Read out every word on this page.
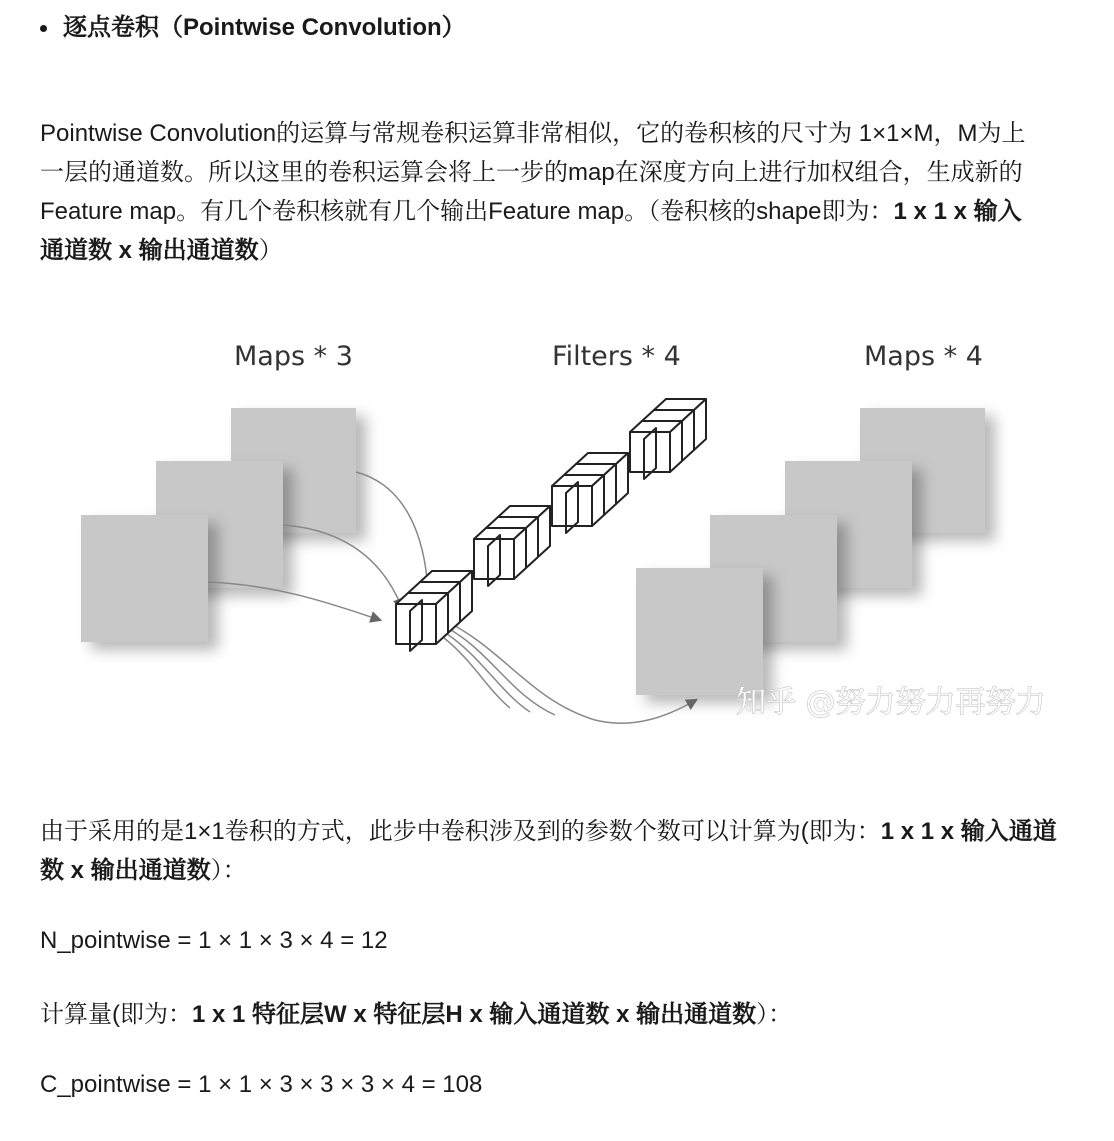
逐点卷积（Pointwise Convolution）

Pointwise Convolution的运算与常规卷积运算非常相似，它的卷积核的尺寸为 1×1×M，M为上
一层的通道数。所以这里的卷积运算会将上一步的map在深度方向上进行加权组合，生成新的
Feature map。有几个卷积核就有几个输出Feature map。（卷积核的shape即为：1 x 1 x 输入
通道数 x 输出通道数）

Maps * 3	Filters * 4	Maps * 4
知乎 @努力努力再努力

由于采用的是1×1卷积的方式，此步中卷积涉及到的参数个数可以计算为(即为：1 x 1 x 输入通道
数 x 输出通道数）：

N_pointwise = 1 × 1 × 3 × 4 = 12

计算量(即为：1 x 1 特征层W x 特征层H x 输入通道数 x 输出通道数）：

C_pointwise = 1 × 1 × 3 × 3 × 3 × 4 = 108
